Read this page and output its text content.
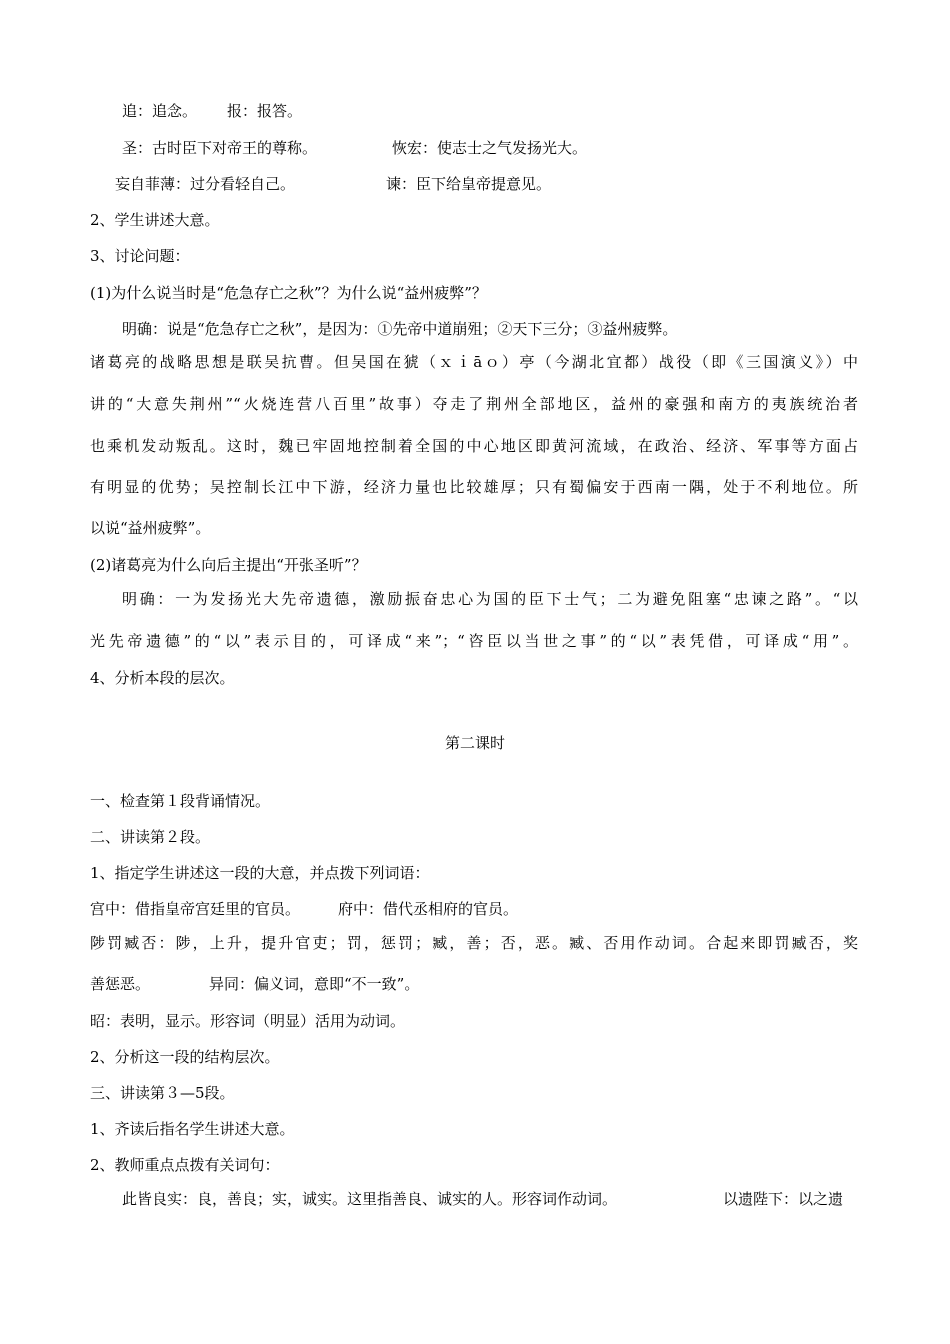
追：追念。 报：报答。
圣：古时臣下对帝王的尊称。	恢宏：使志士之气发扬光大。
妄自菲薄：过分看轻自己。	谏：臣下给皇帝提意见。
2、学生讲述大意。
3、讨论问题：
(1)为什么说当时是“危急存亡之秋”？为什么说“益州疲弊”？
明确：说是“危急存亡之秋”，是因为：①先帝中道崩殂；②天下三分；③益州疲弊。
诸葛亮的战略思想是联吴抗曹。但吴国在猇（ｘｉāｏ）亭（今湖北宜都）战役（即《三国演义》）中
讲的“大意失荆州”“火烧连营八百里”故事）夺走了荆州全部地区，益州的豪强和南方的夷族统治者
也乘机发动叛乱。这时，魏已牢固地控制着全国的中心地区即黄河流域，在政治、经济、军事等方面占
有明显的优势；吴控制长江中下游，经济力量也比较雄厚；只有蜀偏安于西南一隅，处于不利地位。所
以说“益州疲弊”。
(2)诸葛亮为什么向后主提出“开张圣听”？
明确：一为发扬光大先帝遗德，激励振奋忠心为国的臣下士气；二为避免阻塞“忠谏之路”。“以
光先帝遗德”的“以”表示目的，可译成“来”；“咨臣以当世之事”的“以”表凭借，可译成“用”。
4、分析本段的层次。
第二课时
一、检查第１段背诵情况。
二、讲读第２段。
1、指定学生讲述这一段的大意，并点拨下列词语：
宫中：借指皇帝宫廷里的官员。	府中：借代丞相府的官员。
陟罚臧否：陟，上升，提升官吏；罚，惩罚；臧，善；否，恶。臧、否用作动词。合起来即罚臧否，奖
善惩恶。	异同：偏义词，意即“不一致”。
昭：表明，显示。形容词（明显）活用为动词。
2、分析这一段的结构层次。
三、讲读第３—5段。
1、齐读后指名学生讲述大意。
2、教师重点点拨有关词句：
此皆良实：良，善良；实，诚实。这里指善良、诚实的人。形容词作动词。	以遗陛下：以之遗
